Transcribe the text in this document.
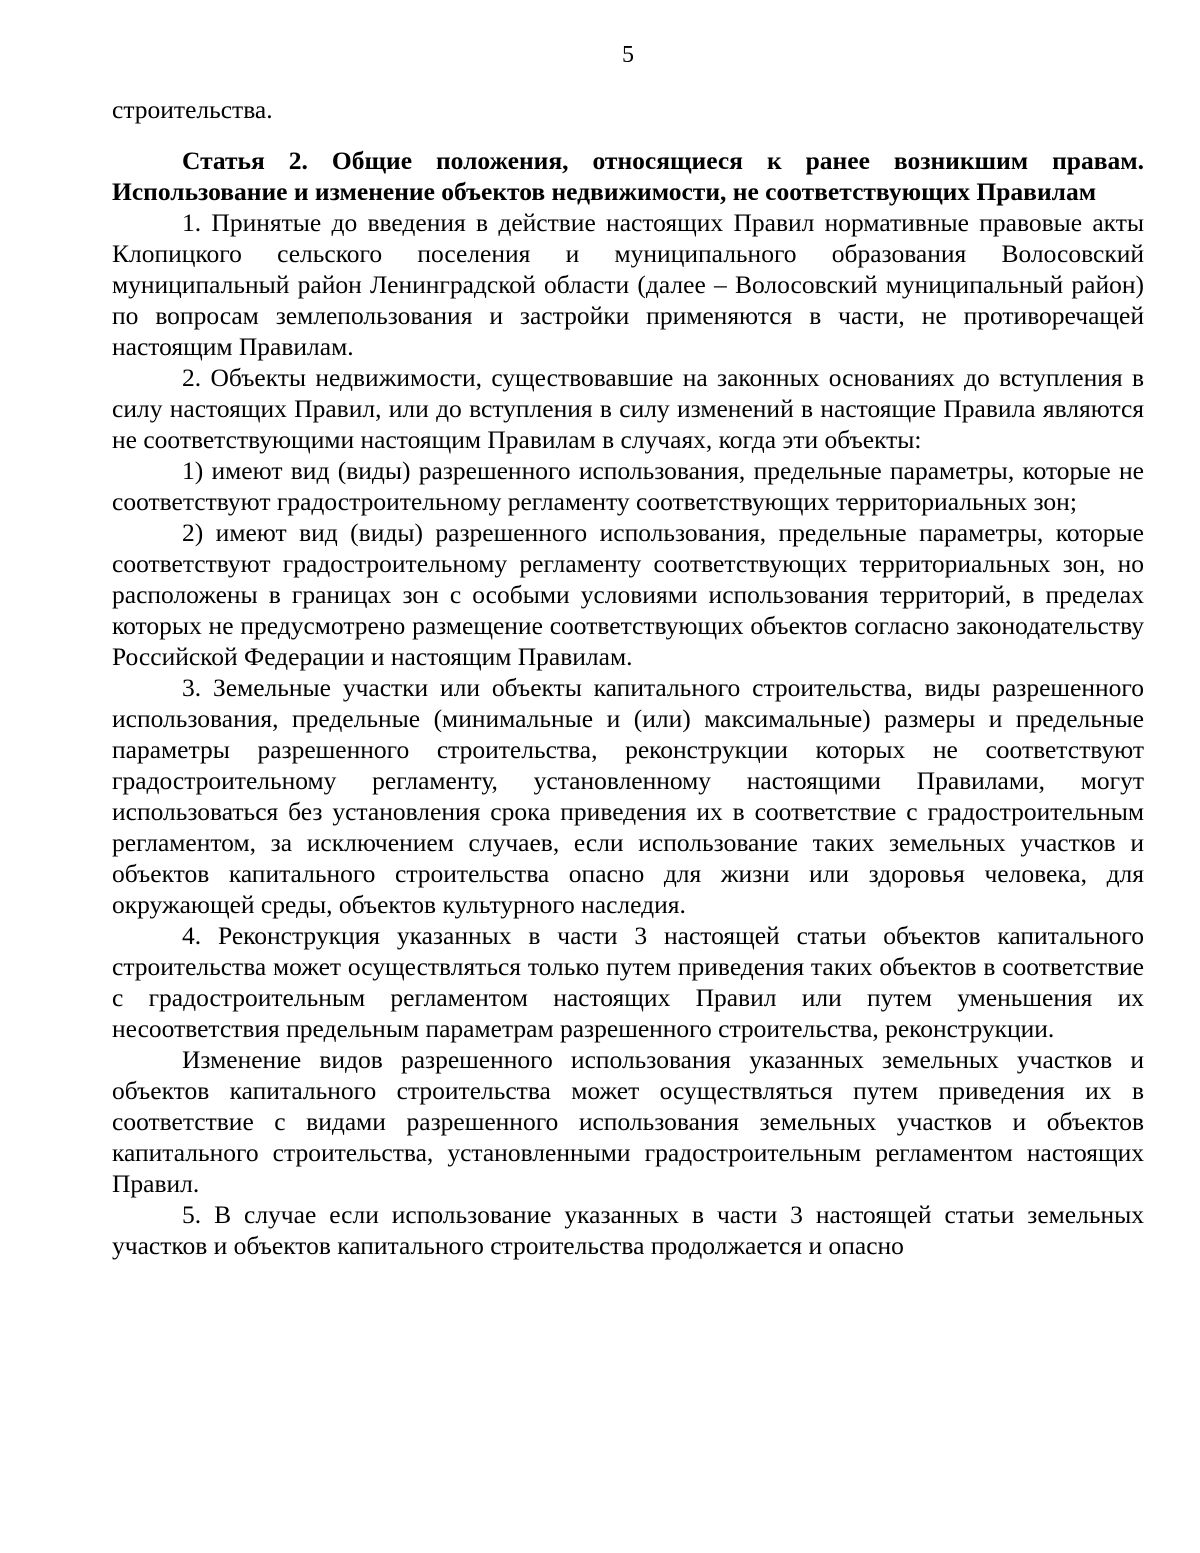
5

строительства.

Статья 2. Общие положения, относящиеся к ранее возникшим правам. Использование и изменение объектов недвижимости, не соответствующих Правилам

1. Принятые до введения в действие настоящих Правил нормативные правовые акты Клопицкого сельского поселения и муниципального образования Волосовский муниципальный район Ленинградской области (далее – Волосовский муниципальный район) по вопросам землепользования и застройки применяются в части, не противоречащей настоящим Правилам.

2. Объекты недвижимости, существовавшие на законных основаниях до вступления в силу настоящих Правил, или до вступления в силу изменений в настоящие Правила являются не соответствующими настоящим Правилам в случаях, когда эти объекты:

1) имеют вид (виды) разрешенного использования, предельные параметры, которые не соответствуют градостроительному регламенту соответствующих территориальных зон;

2) имеют вид (виды) разрешенного использования, предельные параметры, которые соответствуют градостроительному регламенту соответствующих территориальных зон, но расположены в границах зон с особыми условиями использования территорий, в пределах которых не предусмотрено размещение соответствующих объектов согласно законодательству Российской Федерации и настоящим Правилам.

3. Земельные участки или объекты капитального строительства, виды разрешенного использования, предельные (минимальные и (или) максимальные) размеры и предельные параметры разрешенного строительства, реконструкции которых не соответствуют градостроительному регламенту, установленному настоящими Правилами, могут использоваться без установления срока приведения их в соответствие с градостроительным регламентом, за исключением случаев, если использование таких земельных участков и объектов капитального строительства опасно для жизни или здоровья человека, для окружающей среды, объектов культурного наследия.

4. Реконструкция указанных в части 3 настоящей статьи объектов капитального строительства может осуществляться только путем приведения таких объектов в соответствие с градостроительным регламентом настоящих Правил или путем уменьшения их несоответствия предельным параметрам разрешенного строительства, реконструкции.

Изменение видов разрешенного использования указанных земельных участков и объектов капитального строительства может осуществляться путем приведения их в соответствие с видами разрешенного использования земельных участков и объектов капитального строительства, установленными градостроительным регламентом настоящих Правил.

5. В случае если использование указанных в части 3 настоящей статьи земельных участков и объектов капитального строительства продолжается и опасно
